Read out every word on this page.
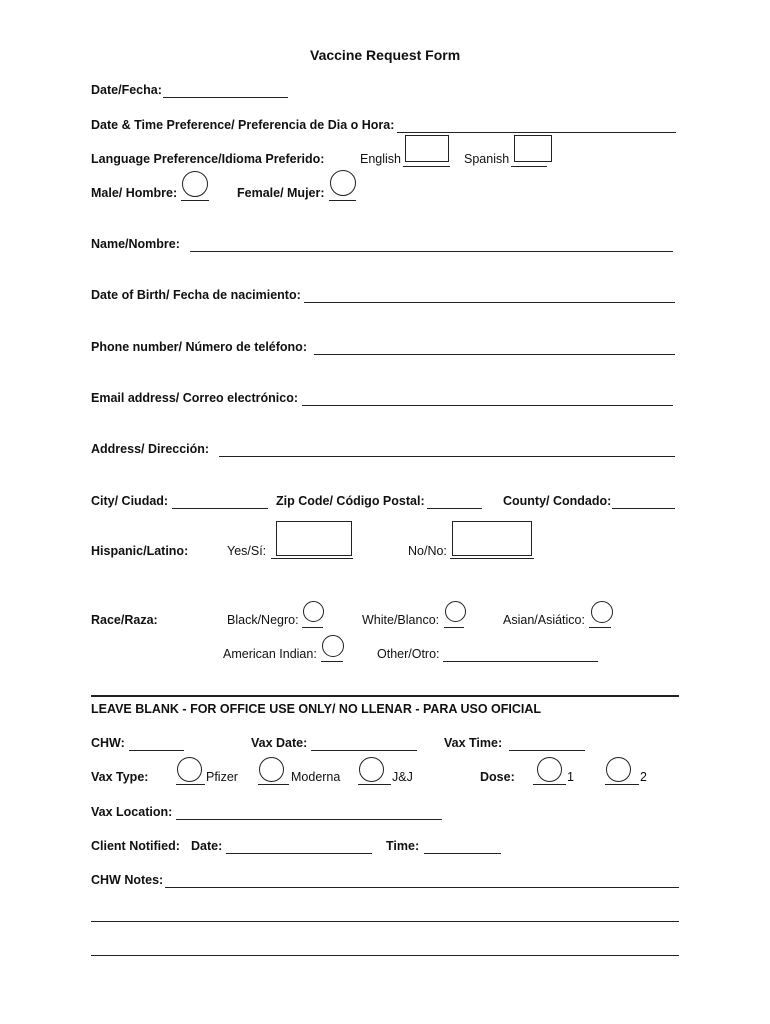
Vaccine Request Form
Date/Fecha:
Date & Time Preference/ Preferencia de Dia o Hora:
Language Preference/Idioma Preferido:	English	Spanish
Male/ Hombre:	Female/ Mujer:
Name/Nombre:
Date of Birth/ Fecha de nacimiento:
Phone number/ Número de teléfono:
Email address/ Correo electrónico:
Address/ Dirección:
City/ Ciudad:	Zip Code/ Código Postal:	County/ Condado:
Hispanic/Latino:	Yes/Sí:	No/No:
Race/Raza:	Black/Negro:	White/Blanco:	Asian/Asiático:
American Indian:	Other/Otro:
LEAVE BLANK - FOR OFFICE USE ONLY/ NO LLENAR - PARA USO OFICIAL
CHW:	Vax Date:	Vax Time:
Vax Type:	Pfizer	Moderna	J&J	Dose:	1	2
Vax Location:
Client Notified: Date:	Time:
CHW Notes:
